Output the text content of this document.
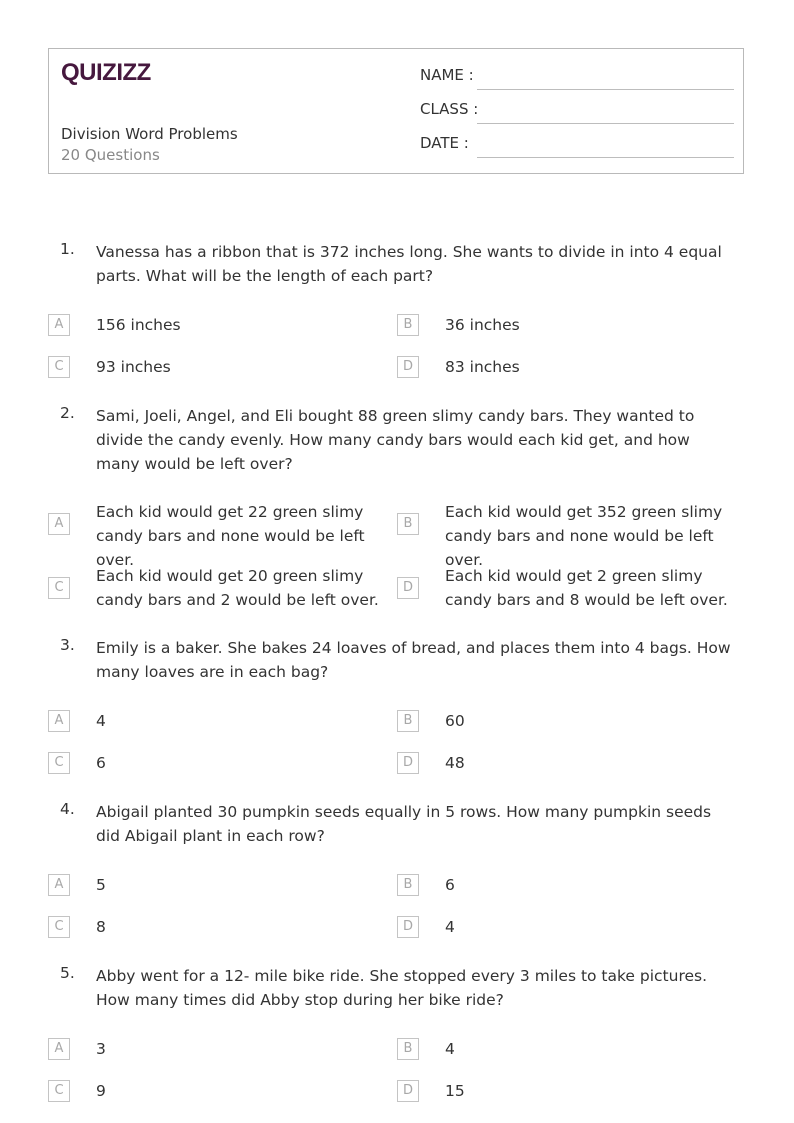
QUIZIZZ
Division Word Problems
20 Questions
NAME :
CLASS :
DATE :
1. Vanessa has a ribbon that is 372 inches long. She wants to divide in into 4 equal parts. What will be the length of each part?
A	156 inches	B	36 inches
C	93 inches	D	83 inches
2. Sami, Joeli, Angel, and Eli bought 88 green slimy candy bars. They wanted to divide the candy evenly. How many candy bars would each kid get, and how many would be left over?
A
Each kid would get 22 green slimy candy bars and none would be left over.
B
Each kid would get 352 green slimy candy bars and none would be left over.
C
Each kid would get 20 green slimy candy bars and 2 would be left over.
D
Each kid would get 2 green slimy candy bars and 8 would be left over.
3. Emily is a baker. She bakes 24 loaves of bread, and places them into 4 bags. How many loaves are in each bag?
A	4	B	60
C	6	D	48
4. Abigail planted 30 pumpkin seeds equally in 5 rows. How many pumpkin seeds did Abigail plant in each row?
A	5	B	6
C	8	D	4
5. Abby went for a 12- mile bike ride. She stopped every 3 miles to take pictures. How many times did Abby stop during her bike ride?
A	3	B	4
C	9	D	15
